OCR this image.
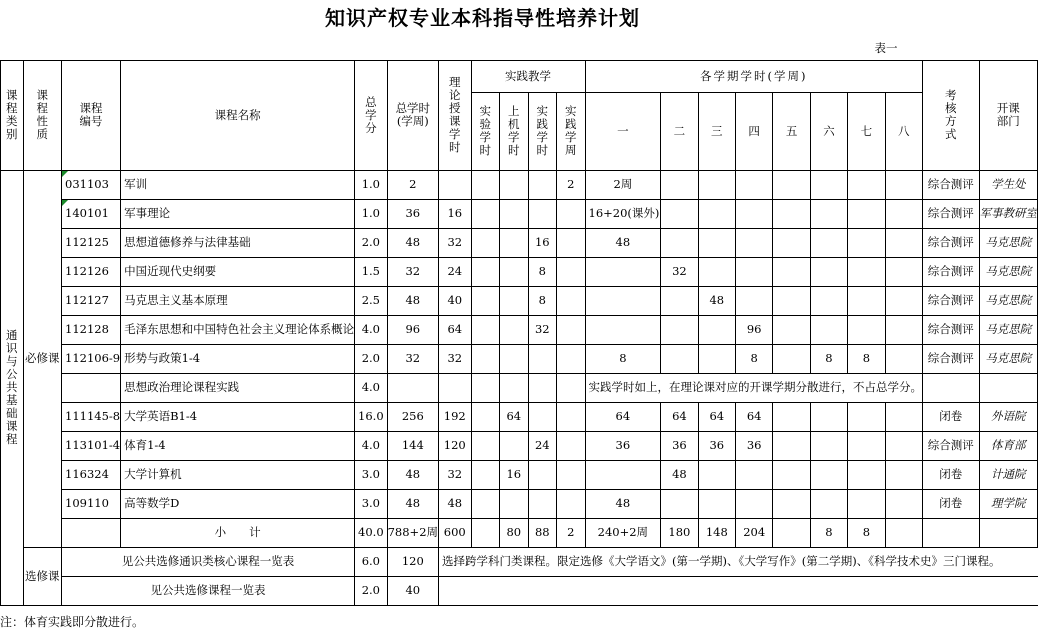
知识产权专业本科指导性培养计划
表一																				
课程类别	课程性质	课程编号	课程名称	总学分	总学时
(学周)	理论授课学时	实践教学				各学期学时(学周)								考核方式	开课部门
							实验学时	上机学时	实践学时	实践学周	一	二	三	四	五	六	七	八		
通识与公共基础课程	必修课	031103	军训	1.0	2					2	2周								综合测评	学生处
		140101	军事理论	1.0	36	16					16+20(课外)								综合测评	军事教研室
		112125	思想道德修养与法律基础	2.0	48	32			16		48								综合测评	马克思院
		112126	中国近现代史纲要	1.5	32	24			8			32							综合测评	马克思院
		112127	马克思主义基本原理	2.5	48	40			8				48						综合测评	马克思院
		112128	毛泽东思想和中国特色社会主义理论体系概论	4.0	96	64			32					96					综合测评	马克思院
		112106-9	形势与政策1-4	2.0	32	32					8			8		8	8		综合测评	马克思院
			思想政治理论课程实践	4.0							实践学时如上，在理论课对应的开课学期分散进行，不占总学分。									
		111145-8	大学英语B1-4	16.0	256	192		64			64	64	64	64					闭卷	外语院
		113101-4	体育1-4	4.0	144	120			24		36	36	36	36					综合测评	体育部
		116324	大学计算机	3.0	48	32		16				48							闭卷	计通院
		109110	高等数学D	3.0	48	48					48								闭卷	理学院
			小　　计	40.0	788+2周	600		80	88	2	240+2周	180	148	204		8	8			
	选修课	见公共选修通识类核心课程一览表		6.0	120	选择跨学科门类课程。限定选修《大学语文》(第一学期)、《大学写作》(第二学期)、《科学技术史》三门课程。														
		见公共选修课程一览表		2.0	40															
注：体育实践即分散进行。
